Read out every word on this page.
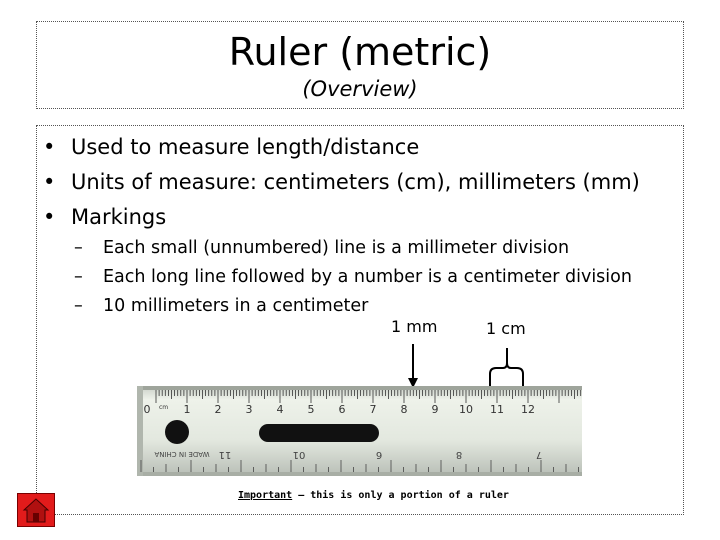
Ruler (metric)
(Overview)
• Used to measure length/distance
• Units of measure: centimeters (cm), millimeters (mm)
• Markings
– Each small (unnumbered) line is a millimeter division
– Each long line followed by a number is a centimeter division
– 10 millimeters in a centimeter
1 mm	1 cm
0	1 2 3 4 5 6 7 8 9 10 11 12
cm
WADE IN CHINA 11	01	6	8	7
Important – this is only a portion of a ruler
